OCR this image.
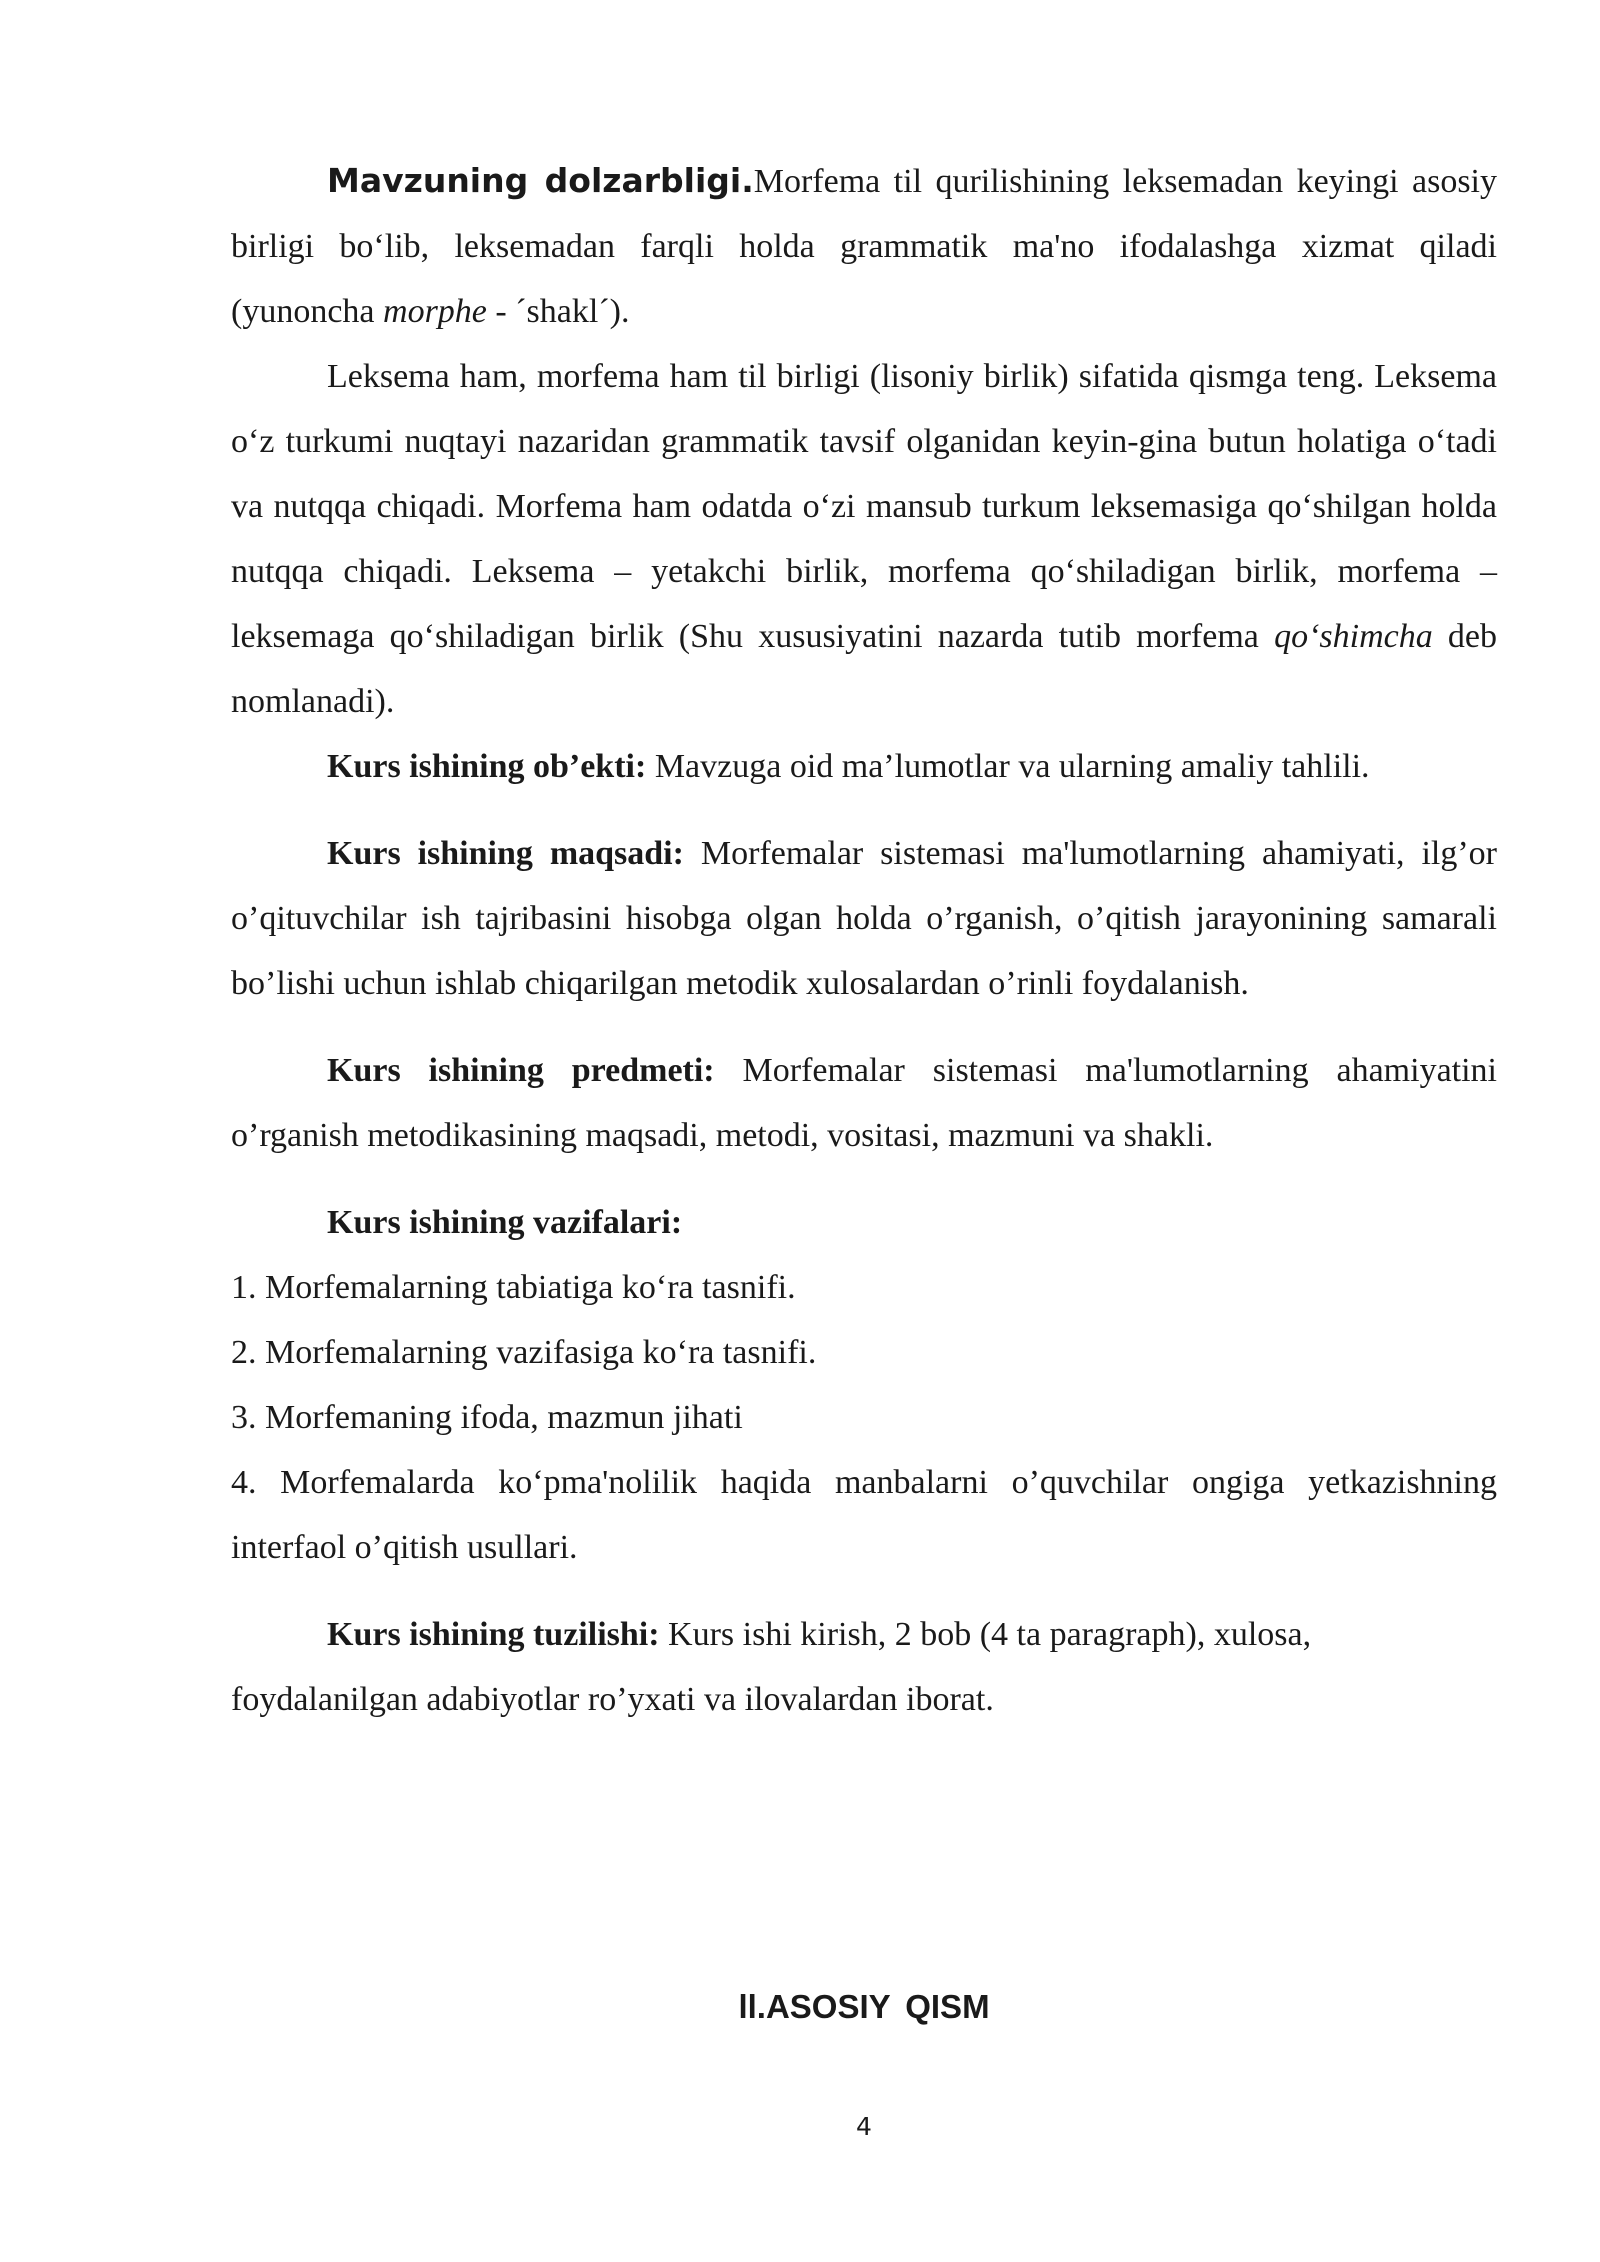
Mavzuning dolzarbligi.Morfema til qurilishining leksemadan keyingi asosiy birligi bo‘lib, leksemadan farqli holda grammatik ma'no ifodalashga xizmat qiladi (yunoncha morphe - ´shakl´).

Leksema ham, morfema ham til birligi (lisoniy birlik) sifatida qismga teng. Leksema o‘z turkumi nuqtayi nazaridan grammatik tavsif olganidan keyin-gina butun holatiga o‘tadi va nutqqa chiqadi. Morfema ham odatda o‘zi mansub turkum leksemasiga qo‘shilgan holda nutqqa chiqadi. Leksema – yetakchi birlik, morfema qo‘shiladigan birlik, morfema – leksemaga qo‘shiladigan birlik (Shu xususiyatini nazarda tutib morfema qo‘shimcha deb nomlanadi).

Kurs ishining ob’ekti: Mavzuga oid ma’lumotlar va ularning amaliy tahlili.

Kurs ishining maqsadi: Morfemalar sistemasi ma'lumotlarning ahamiyati, ilg’or o’qituvchilar ish tajribasini hisobga olgan holda o’rganish, o’qitish jarayonining samarali bo’lishi uchun ishlab chiqarilgan metodik xulosalardan o’rinli foydalanish.

Kurs ishining predmeti: Morfemalar sistemasi ma'lumotlarning ahamiyatini o’rganish metodikasining maqsadi, metodi, vositasi, mazmuni va shakli.

Kurs ishining vazifalari:

1. Morfemalarning tabiatiga ko‘ra tasnifi.

2. Morfemalarning vazifasiga ko‘ra tasnifi.

3. Morfemaning ifoda, mazmun jihati

4. Morfemalarda ko‘pma'nolilik haqida manbalarni o’quvchilar ongiga yetkazishning interfaol o’qitish usullari.

Kurs ishining tuzilishi: Kurs ishi kirish, 2 bob (4 ta paragraph), xulosa, foydalanilgan adabiyotlar ro’yxati va ilovalardan iborat.

ll.ASOSIY QISM

4
